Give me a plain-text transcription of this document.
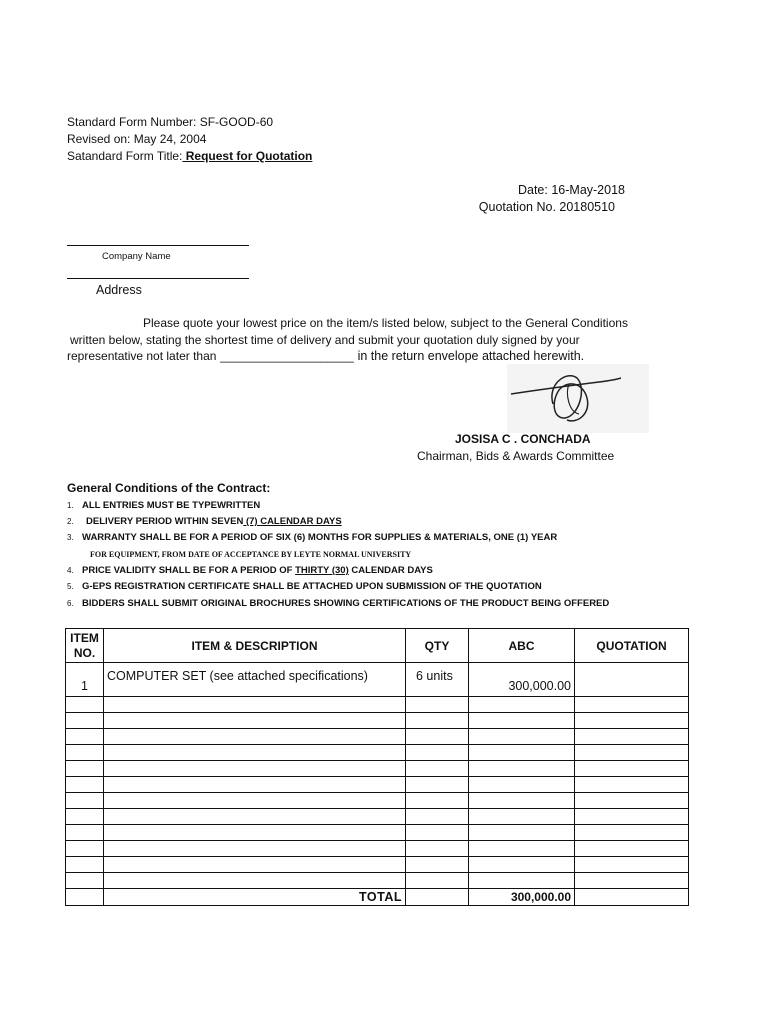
Standard Form Number: SF-GOOD-60
Revised on: May 24, 2004
Satandard Form Title: Request for Quotation
Date: 16-May-2018
Quotation No. 20180510
Company Name
Address
Please quote your lowest price on the item/s listed below, subject to the General Conditions
written below, stating the shortest time of delivery and submit your quotation duly signed by your
representative not later than ____________________ in the return envelope attached herewith.
JOSISA C . CONCHADA
Chairman, Bids & Awards Committee
General Conditions of the Contract:
1. ALL ENTRIES MUST BE TYPEWRITTEN
2. DELIVERY PERIOD WITHIN SEVEN (7) CALENDAR DAYS
3. WARRANTY SHALL BE FOR A PERIOD OF SIX (6) MONTHS FOR SUPPLIES & MATERIALS, ONE (1) YEAR
FOR EQUIPMENT, FROM DATE OF ACCEPTANCE BY LEYTE NORMAL UNIVERSITY
4. PRICE VALIDITY SHALL BE FOR A PERIOD OF THIRTY (30) CALENDAR DAYS
5. G-EPS REGISTRATION CERTIFICATE SHALL BE ATTACHED UPON SUBMISSION OF THE QUOTATION
6. BIDDERS SHALL SUBMIT ORIGINAL BROCHURES SHOWING CERTIFICATIONS OF THE PRODUCT BEING OFFERED
ITEM
NO.	ITEM & DESCRIPTION	QTY	ABC	QUOTATION
1	COMPUTER SET (see attached specifications)	6 units	300,000.00	

	TOTAL		300,000.00	
